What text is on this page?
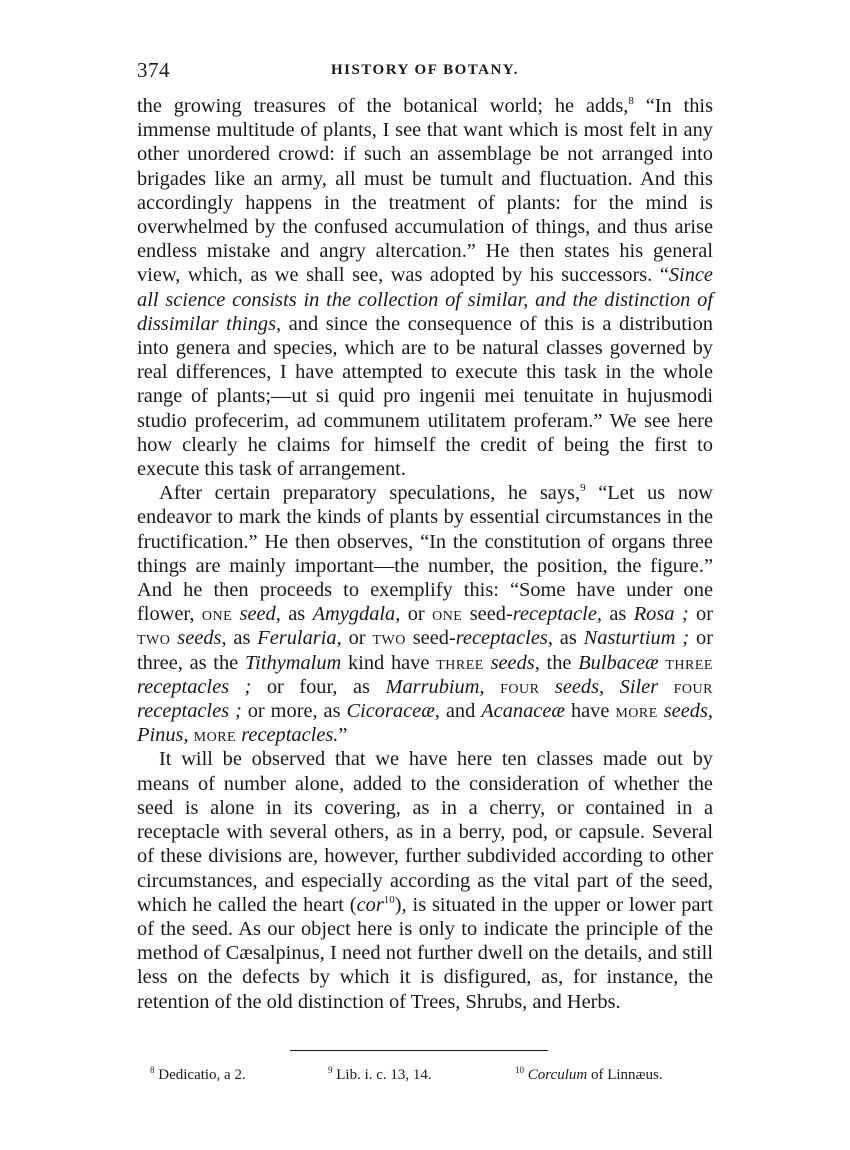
374	HISTORY OF BOTANY.

the growing treasures of the botanical world; he adds,$^8$ “In this immense multitude of plants, I see that want which is most felt in any other unordered crowd: if such an assemblage be not arranged into brigades like an army, all must be tumult and fluctuation. And this accordingly happens in the treatment of plants: for the mind is overwhelmed by the confused accumulation of things, and thus arise endless mistake and angry altercation.” He then states his general view, which, as we shall see, was adopted by his successors. “Since all science consists in the collection of similar, and the distinction of dissimilar things, and since the consequence of this is a distribution into genera and species, which are to be natural classes governed by real differences, I have attempted to execute this task in the whole range of plants;—ut si quid pro ingenii mei tenuitate in hujusmodi studio profecerim, ad communem utilitatem proferam.” We see here how clearly he claims for himself the credit of being the first to execute this task of arrangement.

After certain preparatory speculations, he says,$^9$ “Let us now endeavor to mark the kinds of plants by essential circumstances in the fructification.” He then observes, “In the constitution of organs three things are mainly important—the number, the position, the figure.” And he then proceeds to exemplify this: “Some have under one flower, one seed, as Amygdala, or one seed-receptacle, as Rosa ; or two seeds, as Ferularia, or two seed-receptacles, as Nasturtium ; or three, as the Tithymalum kind have three seeds, the Bulbaceæ three receptacles ; or four, as Marrubium, four seeds, Siler four receptacles ; or more, as Cicoraceæ, and Acanaceæ have more seeds, Pinus, more receptacles.”

It will be observed that we have here ten classes made out by means of number alone, added to the consideration of whether the seed is alone in its covering, as in a cherry, or contained in a receptacle with several others, as in a berry, pod, or capsule. Several of these divisions are, however, further subdivided according to other circumstances, and especially according as the vital part of the seed, which he called the heart (cor$^{10}$), is situated in the upper or lower part of the seed. As our object here is only to indicate the principle of the method of Cæsalpinus, I need not further dwell on the details, and still less on the defects by which it is disfigured, as, for instance, the retention of the old distinction of Trees, Shrubs, and Herbs.

$^8$ Dedicatio, a 2.	$^9$ Lib. i. c. 13, 14.	$^{10}$ Corculum of Linnæus.
